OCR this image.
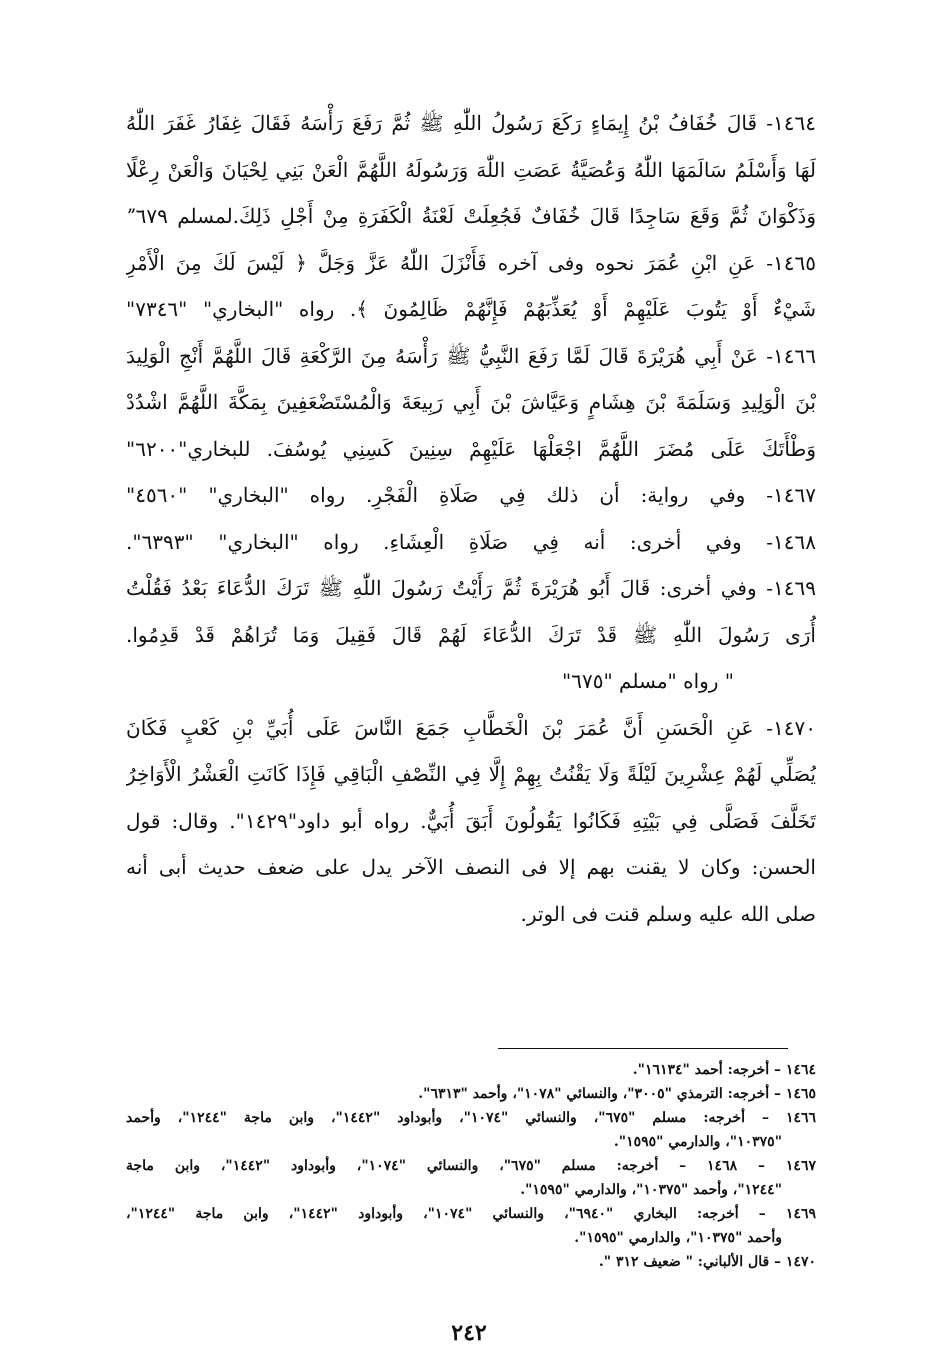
١٤٦٤- قَالَ خُفَافُ بْنُ إِيمَاءٍ رَكَعَ رَسُولُ اللّٰهِ ﷺ ثُمَّ رَفَعَ رَأْسَهُ فَقَالَ غِفَارُ غَفَرَ اللّٰهُ
لَهَا وَأَسْلَمُ سَالَمَهَا اللّٰهُ وَعُصَيَّةُ عَصَتِ اللّٰهَ وَرَسُولَهُ اللَّهُمَّ الْعَنْ بَنِي لِحْيَانَ وَالْعَنْ رِعْلًا
وَذَكْوَانَ ثُمَّ وَقَعَ سَاجِدًا قَالَ خُفَافٌ فَجُعِلَتْ لَعْنَةُ الْكَفَرَةِ مِنْ أَجْلِ ذَلِكَ.لمسلم ˮ٦٧٩
١٤٦٥- عَنِ ابْنِ عُمَرَ نحوه وفى آخره فَأَنْزَلَ اللّٰهُ عَزَّ وَجَلَّ ﴿ لَيْسَ لَكَ مِنَ الْأَمْرِ
شَيْءٌ أَوْ يَتُوبَ عَلَيْهِمْ أَوْ يُعَذِّبَهُمْ فَإِنَّهُمْ ظَالِمُونَ ﴾. رواه "البخاري" "٧٣٤٦"
١٤٦٦- عَنْ أَبِي هُرَيْرَةَ قَالَ لَمَّا رَفَعَ النَّبِيُّ ﷺ رَأْسَهُ مِنَ الرَّكْعَةِ قَالَ اللَّهُمَّ أَنْجِ الْوَلِيدَ
بْنَ الْوَلِيدِ وَسَلَمَةَ بْنَ هِشَامٍ وَعَيَّاشَ بْنَ أَبِي رَبِيعَةَ وَالْمُسْتَضْعَفِينَ بِمَكَّةَ اللَّهُمَّ اشْدُدْ
وَطْأَتَكَ عَلَى مُضَرَ اللَّهُمَّ اجْعَلْهَا عَلَيْهِمْ سِنِينَ كَسِنِي يُوسُفَ. للبخاري"٦٢٠٠"
١٤٦٧- وفي رواية: أن ذلك فِي صَلَاةِ الْفَجْرِ. رواه "البخاري" "٤٥٦٠"
١٤٦٨- وفي أخرى: أنه فِي صَلَاةِ الْعِشَاءِ. رواه "البخاري" "٦٣٩٣".
١٤٦٩- وفي أخرى: قَالَ أَبُو هُرَيْرَةَ ثُمَّ رَأَيْتُ رَسُولَ اللّٰهِ ﷺ تَرَكَ الدُّعَاءَ بَعْدُ فَقُلْتُ
أُرَى رَسُولَ اللّٰهِ ﷺ قَدْ تَرَكَ الدُّعَاءَ لَهُمْ قَالَ فَقِيلَ وَمَا تُرَاهُمْ قَدْ قَدِمُوا.
" رواه "مسلم "٦٧٥"
١٤٧٠- عَنِ الْحَسَنِ أَنَّ عُمَرَ بْنَ الْخَطَّابِ جَمَعَ النَّاسَ عَلَى أُبَيِّ بْنِ كَعْبٍ فَكَانَ
يُصَلِّي لَهُمْ عِشْرِينَ لَيْلَةً وَلَا يَقْنُتُ بِهِمْ إِلَّا فِي النِّصْفِ الْبَاقِي فَإِذَا كَانَتِ الْعَشْرُ الْأَوَاخِرُ
تَخَلَّفَ فَصَلَّى فِي بَيْتِهِ فَكَانُوا يَقُولُونَ أَبَقَ أُبَيٌّ. رواه أبو داود"١٤٢٩". وقال: قول
الحسن: وكان لا يقنت بهم إلا فى النصف الآخر يدل على ضعف حديث أبى أنه
صلى الله عليه وسلم قنت فى الوتر.
١٤٦٤ – أخرجه: أحمد "١٦١٣٤".
١٤٦٥ – أخرجه: الترمذي "٣٠٠٥"، والنسائي "١٠٧٨"، وأحمد "٦٣١٣".
١٤٦٦ – أخرجه: مسلم "٦٧٥"، والنسائي "١٠٧٤"، وأبوداود "١٤٤٢"، وابن ماجة "١٢٤٤"، وأحمد
"١٠٣٧٥"، والدارمي "١٥٩٥".
١٤٦٧ – ١٤٦٨ – أخرجه: مسلم "٦٧٥"، والنسائي "١٠٧٤"، وأبوداود "١٤٤٢"، وابن ماجة
"١٢٤٤"، وأحمد "١٠٣٧٥"، والدارمي "١٥٩٥".
١٤٦٩ – أخرجه: البخاري "٦٩٤٠"، والنسائي "١٠٧٤"، وأبوداود "١٤٤٢"، وابن ماجة "١٢٤٤"،
وأحمد "١٠٣٧٥"، والدارمي "١٥٩٥".
١٤٧٠ – قال الألباني: " ضعيف ٣١٢ ".
٢٤٢
